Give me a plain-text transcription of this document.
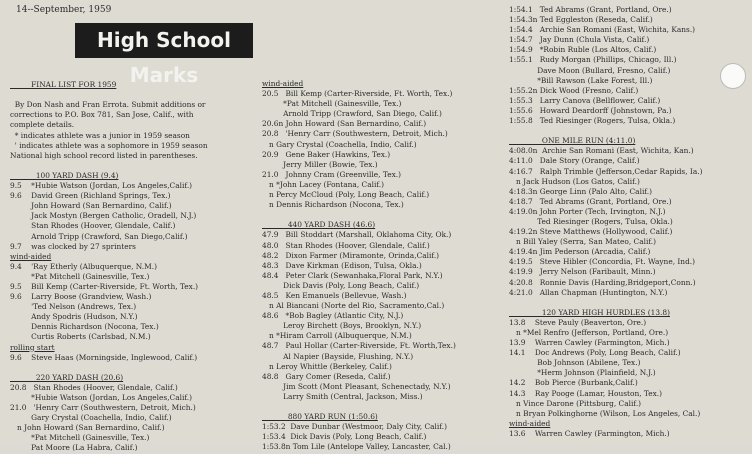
14--September, 1959
High School Marks
FINAL LIST FOR 1959
By Don Nash and Fran Errota. Submit additions or
corrections to P.O. Box 781, San Jose, Calif., with
complete details.
* indicates athlete was a junior in 1959 season
' indicates athlete was a sophomore in 1959 season
National high school record listed in parentheses.
100 YARD DASH (9.4)
9.5    *Hubie Watson (Jordan, Los Angeles,Calif.)
9.6    David Green (Richland Springs, Tex.)
John Howard (San Bernardino, Calif.)
Jack Mostyn (Bergen Catholic, Oradell, N.J.)
Stan Rhodes (Hoover, Glendale, Calif.)
Arnold Tripp (Crawford, San Diego,Calif.)
9.7    was clocked by 27 sprinters
wind-aided
9.4    'Ray Etherly (Albuquerque, N.M.)
*Pat Mitchell (Gainesville, Tex.)
9.5    Bill Kemp (Carter-Riverside, Ft. Worth, Tex.)
9.6    Larry Boose (Grandview, Wash.)
'Ted Nelson (Andrews, Tex.)
Andy Spodris (Hudson, N.Y.)
Dennis Richardson (Nocona, Tex.)
Curtis Roberts (Carlsbad, N.M.)
rolling start
9.6    Steve Haas (Morningside, Inglewood, Calif.)
220 YARD DASH (20.6)
20.8   Stan Rhodes (Hoover, Glendale, Calif.)
*Hubie Watson (Jordan, Los Angeles,Calif.)
21.0   'Henry Carr (Southwestern, Detroit, Mich.)
Gary Crystal (Coachella, Indio, Calif.)
n John Howard (San Bernardino, Calif.)
*Pat Mitchell (Gainesville, Tex.)
Pat Moore (La Habra, Calif.)
wind-aided
20.5   Bill Kemp (Carter-Riverside, Ft. Worth, Tex.)
*Pat Mitchell (Gainesville, Tex.)
Arnold Tripp (Crawford, San Diego, Calif.)
20.6n John Howard (San Bernardino, Calif.)
20.8   'Henry Carr (Southwestern, Detroit, Mich.)
n Gary Crystal (Coachella, Indio, Calif.)
20.9   Gene Baker (Hawkins, Tex.)
Jerry Miller (Bowie, Tex.)
21.0   Johnny Cram (Greenville, Tex.)
n *John Lacey (Fontana, Calif.)
n Percy McCloud (Poly, Long Beach, Calif.)
n Dennis Richardson (Nocona, Tex.)
440 YARD DASH (46.6)
47.9   Bill Stoddart (Marshall, Oklahoma City, Ok.)
48.0   Stan Rhodes (Hoover, Glendale, Calif.)
48.2   Dixon Farmer (Miramonte, Orinda,Calif.)
48.3   Dave Kirkman (Edison, Tulsa, Okla.)
48.4   Peter Clark (Sewanhaka,Floral Park, N.Y.)
Dick Davis (Poly, Long Beach, Calif.)
48.5   Ken Emanuels (Bellevue, Wash.)
n Al Biancani (Norte del Rio, Sacramento,Cal.)
48.6   *Bob Bagley (Atlantic City, N.J.)
Leroy Birchett (Boys, Brooklyn, N.Y.)
n *Hiram Carroll (Albuquerque, N.M.)
48.7   Paul Hollar (Carter-Riverside, Ft. Worth,Tex.)
Al Napier (Bayside, Flushing, N.Y.)
n Leroy Whittle (Berkeley, Calif.)
48.8   Gary Comer (Reseda, Calif.)
Jim Scott (Mont Pleasant, Schenectady, N.Y.)
Larry Smith (Central, Jackson, Miss.)
880 YARD RUN (1:50.6)
1:53.2  Dave Dunbar (Westmoor, Daly City, Calif.)
1:53.4  Dick Davis (Poly, Long Beach, Calif.)
1:53.8n Tom Lile (Antelope Valley, Lancaster, Cal.)
1:54.1   Ted Abrams (Grant, Portland, Ore.)
1:54.3n Ted Eggleston (Reseda, Calif.)
1:54.4   Archie San Romani (East, Wichita, Kans.)
1:54.7   Jay Dunn (Chula Vista, Calif.)
1:54.9   *Robin Ruble (Los Altos, Calif.)
1:55.1   Rudy Morgan (Phillips, Chicago, Ill.)
Dave Moon (Bullard, Fresno, Calif.)
*Bill Rawson (Lake Forest, Ill.)
1:55.2n Dick Wood (Fresno, Calif.)
1:55.3   Larry Canova (Bellflower, Calif.)
1:55.6   Howard Deardorff (Johnstown, Pa.)
1:55.8   Ted Riesinger (Rogers, Tulsa, Okla.)
ONE MILE RUN (4:11.0)
4:08.0n  Archie San Romani (East, Wichita, Kan.)
4:11.0   Dale Story (Orange, Calif.)
4:16.7   Ralph Trimble (Jefferson,Cedar Rapids, Ia.)
n Jack Hudson (Los Gatos, Calif.)
4:18.3n George Linn (Palo Alto, Calif.)
4:18.7   Ted Abrams (Grant, Portland, Ore.)
4:19.0n John Porter (Tech, Irvington, N.J.)
Ted Riesinger (Rogers, Tulsa, Okla.)
4:19.2n Steve Matthews (Hollywood, Calif.)
n Bill Yaley (Serra, San Mateo, Calif.)
4:19.4n Jim Pederson (Arcadia, Calif.)
4:19.5   Steve Hibler (Concordia, Ft. Wayne, Ind.)
4:19.9   Jerry Nelson (Faribault, Minn.)
4:20.8   Ronnie Davis (Harding,Bridgeport,Conn.)
4:21.0   Allan Chapman (Huntington, N.Y.)
120 YARD HIGH HURDLES (13.8)
13.8    Steve Pauly (Beaverton, Ore.)
n *Mel Renfro (Jefferson, Portland, Ore.)
13.9    Warren Cawley (Farmington, Mich.)
14.1    Doc Andrews (Poly, Long Beach, Calif.)
Bob Johnson (Abilene, Tex.)
*Herm Johnson (Plainfield, N.J.)
14.2    Bob Pierce (Burbank,Calif.)
14.3    Ray Pooge (Lamar, Houston, Tex.)
n Vince Darone (Pittsburg, Calif.)
n Bryan Polkinghorne (Wilson, Los Angeles, Cal.)
wind-aided
13.6    Warren Cawley (Farmington, Mich.)
